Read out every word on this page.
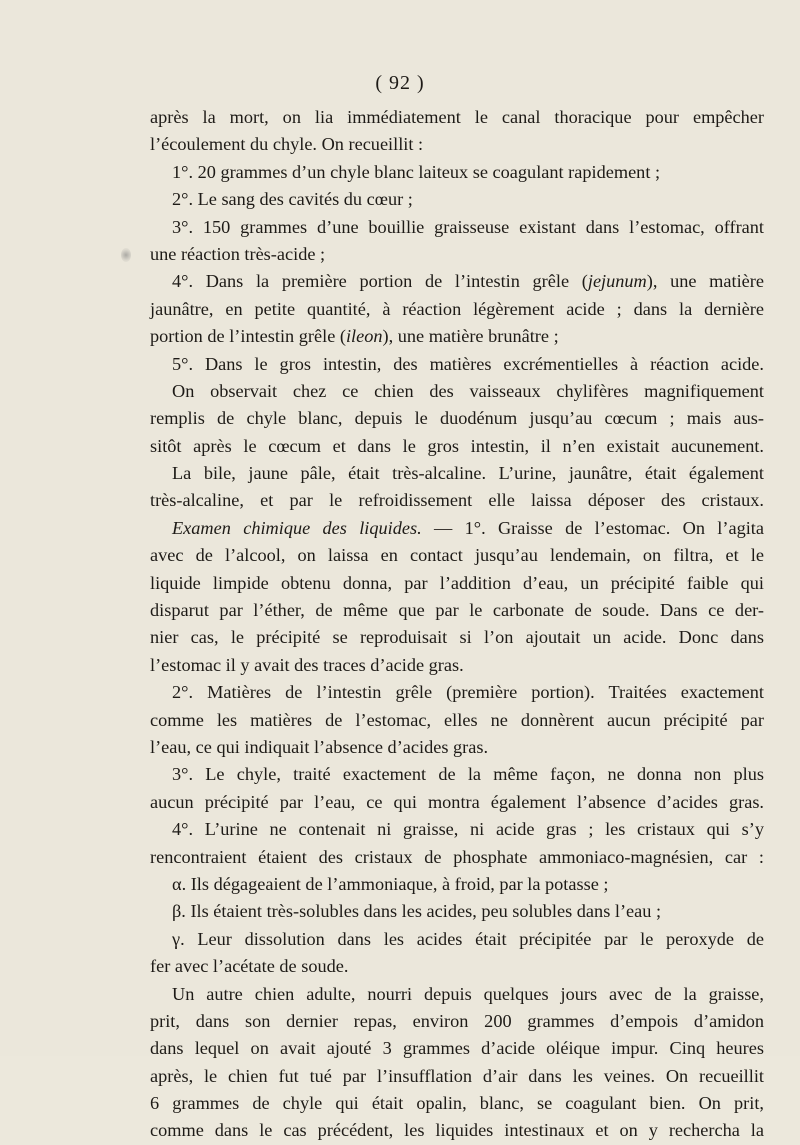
( 92 )
après la mort, on lia immédiatement le canal thoracique pour empêcher
l’écoulement du chyle. On recueillit :
1°. 20 grammes d’un chyle blanc laiteux se coagulant rapidement ;
2°. Le sang des cavités du cœur ;
3°. 150 grammes d’une bouillie graisseuse existant dans l’estomac, offrant
une réaction très-acide ;
4°. Dans la première portion de l’intestin grêle (jejunum), une matière
jaunâtre, en petite quantité, à réaction légèrement acide ; dans la dernière
portion de l’intestin grêle (ileon), une matière brunâtre ;
5°. Dans le gros intestin, des matières excrémentielles à réaction acide.
On observait chez ce chien des vaisseaux chylifères magnifiquement
remplis de chyle blanc, depuis le duodénum jusqu’au cœcum ; mais aus-
sitôt après le cœcum et dans le gros intestin, il n’en existait aucunement.
La bile, jaune pâle, était très-alcaline. L’urine, jaunâtre, était également
très-alcaline, et par le refroidissement elle laissa déposer des cristaux.
Examen chimique des liquides. — 1°. Graisse de l’estomac. On l’agita
avec de l’alcool, on laissa en contact jusqu’au lendemain, on filtra, et le
liquide limpide obtenu donna, par l’addition d’eau, un précipité faible qui
disparut par l’éther, de même que par le carbonate de soude. Dans ce der-
nier cas, le précipité se reproduisait si l’on ajoutait un acide. Donc dans
l’estomac il y avait des traces d’acide gras.
2°. Matières de l’intestin grêle (première portion). Traitées exactement
comme les matières de l’estomac, elles ne donnèrent aucun précipité par
l’eau, ce qui indiquait l’absence d’acides gras.
3°. Le chyle, traité exactement de la même façon, ne donna non plus
aucun précipité par l’eau, ce qui montra également l’absence d’acides gras.
4°. L’urine ne contenait ni graisse, ni acide gras ; les cristaux qui s’y
rencontraient étaient des cristaux de phosphate ammoniaco-magnésien, car :
α. Ils dégageaient de l’ammoniaque, à froid, par la potasse ;
β. Ils étaient très-solubles dans les acides, peu solubles dans l’eau ;
γ. Leur dissolution dans les acides était précipitée par le peroxyde de
fer avec l’acétate de soude.
Un autre chien adulte, nourri depuis quelques jours avec de la graisse,
prit, dans son dernier repas, environ 200 grammes d’empois d’amidon
dans lequel on avait ajouté 3 grammes d’acide oléique impur. Cinq heures
après, le chien fut tué par l’insufflation d’air dans les veines. On recueillit
6 grammes de chyle qui était opalin, blanc, se coagulant bien. On prit,
comme dans le cas précédent, les liquides intestinaux et on y rechercha la
